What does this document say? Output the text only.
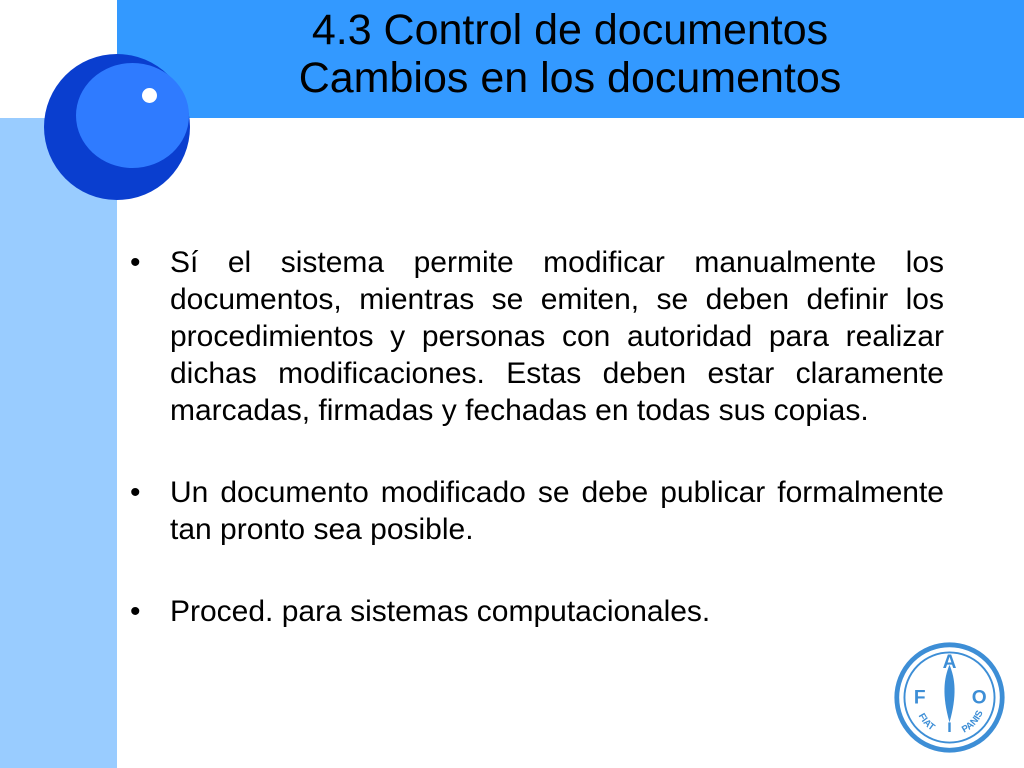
4.3 Control de documentos
Cambios en los documentos
• Sí el sistema permite modificar manualmente los documentos, mientras se emiten, se deben definir los procedimientos y personas con autoridad para realizar dichas modificaciones. Estas deben estar claramente marcadas, firmadas y fechadas en todas sus copias.
• Un documento modificado se debe publicar formalmente tan pronto sea posible.
• Proced. para sistemas computacionales.
A
F O
FIAT PANIS
